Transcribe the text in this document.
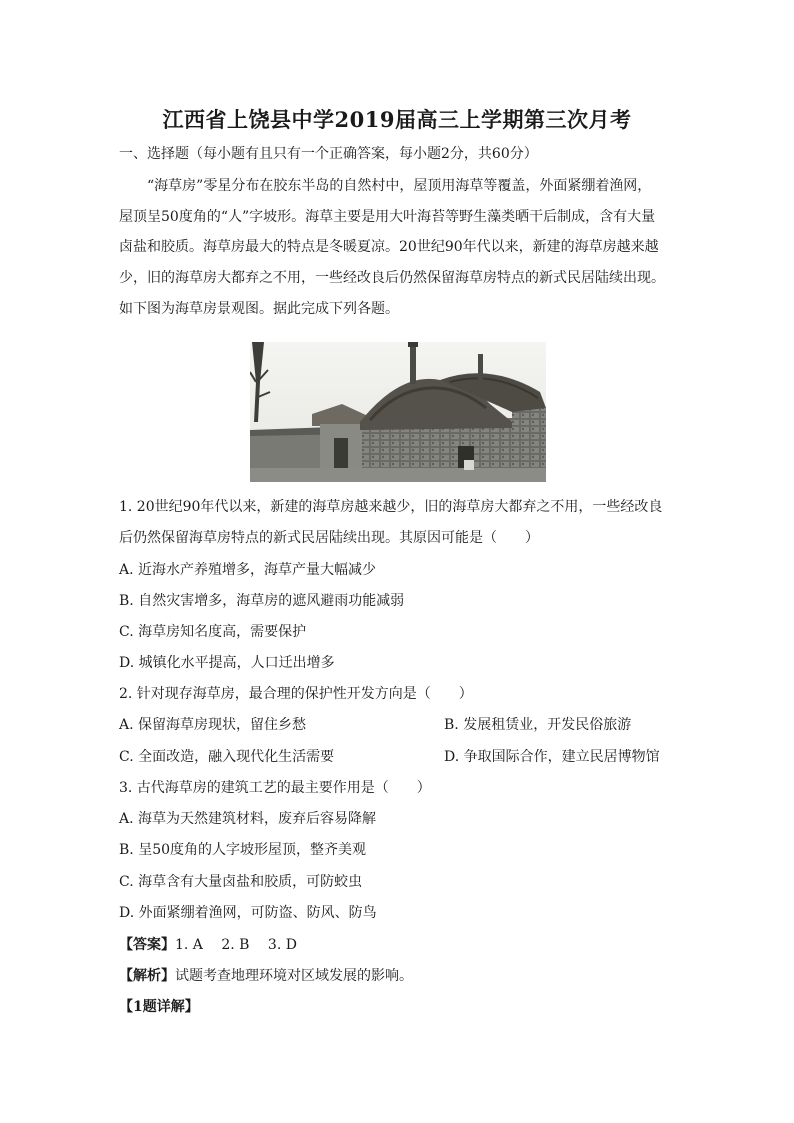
江西省上饶县中学2019届高三上学期第三次月考
一、选择题（每小题有且只有一个正确答案，每小题2分，共60分）
“海草房”零星分布在胶东半岛的自然村中，屋顶用海草等覆盖，外面紧绷着渔网，
屋顶呈50度角的“人”字坡形。海草主要是用大叶海苔等野生藻类晒干后制成，含有大量
卤盐和胶质。海草房最大的特点是冬暖夏凉。20世纪90年代以来，新建的海草房越来越
少，旧的海草房大都弃之不用，一些经改良后仍然保留海草房特点的新式民居陆续出现。
如下图为海草房景观图。据此完成下列各题。
1. 20世纪90年代以来，新建的海草房越来越少，旧的海草房大都弃之不用，一些经改良
后仍然保留海草房特点的新式民居陆续出现。其原因可能是（　　）
A. 近海水产养殖增多，海草产量大幅减少
B. 自然灾害增多，海草房的遮风避雨功能减弱
C. 海草房知名度高，需要保护
D. 城镇化水平提高，人口迁出增多
2. 针对现存海草房，最合理的保护性开发方向是（　　）
A. 保留海草房现状，留住乡愁	B. 发展租赁业，开发民俗旅游
C. 全面改造，融入现代化生活需要	D. 争取国际合作，建立民居博物馆
3. 古代海草房的建筑工艺的最主要作用是（　　）
A. 海草为天然建筑材料，废弃后容易降解
B. 呈50度角的人字坡形屋顶，整齐美观
C. 海草含有大量卤盐和胶质，可防蛟虫
D. 外面紧绷着渔网，可防盗、防风、防鸟
【答案】1. A　 2. B　 3. D
【解析】试题考查地理环境对区域发展的影响。
【1题详解】
